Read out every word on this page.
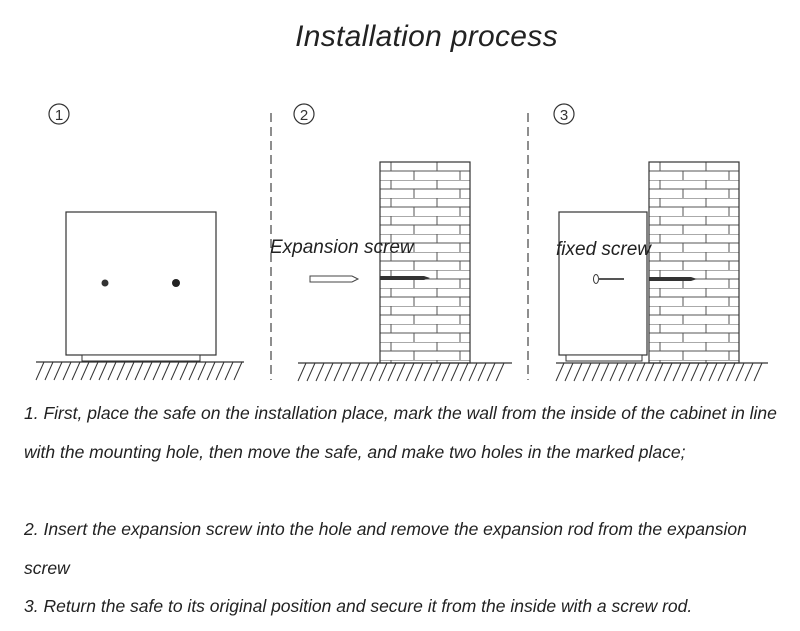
Installation process
1	2	3
Expansion screw	fixed screw
1. First, place the safe on the installation place, mark the wall from the inside of the cabinet in line with the mounting hole, then move the safe, and make two holes in the marked place;
2. Insert the expansion screw into the hole and remove the expansion rod from the expansion screw
3. Return the safe to its original position and secure it from the inside with a screw rod.
